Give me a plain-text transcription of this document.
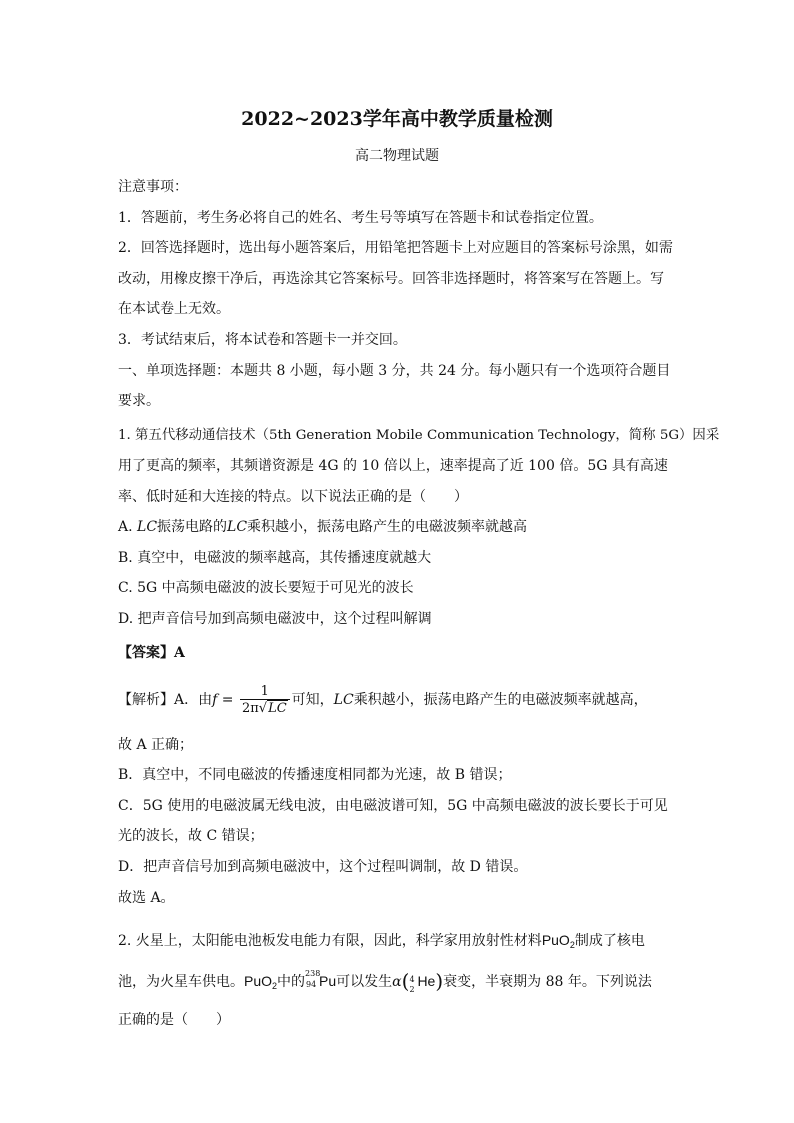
2022~2023学年高中教学质量检测
高二物理试题
注意事项：
1．答题前，考生务必将自己的姓名、考生号等填写在答题卡和试卷指定位置。
2．回答选择题时，选出每小题答案后，用铅笔把答题卡上对应题目的答案标号涂黑，如需
改动，用橡皮擦干净后，再选涂其它答案标号。回答非选择题时，将答案写在答题上。写
在本试卷上无效。
3．考试结束后，将本试卷和答题卡一并交回。
一、单项选择题：本题共 8 小题，每小题 3 分，共 24 分。每小题只有一个选项符合题目
要求。
1. 第五代移动通信技术（5th Generation Mobile Communication Technology，简称 5G）因采
用了更高的频率，其频谱资源是 4G 的 10 倍以上，速率提高了近 100 倍。5G 具有高速
率、低时延和大连接的特点。以下说法正确的是（　　）
A. LC振荡电路的LC乘积越小，振荡电路产生的电磁波频率就越高
B. 真空中，电磁波的频率越高，其传播速度就越大
C. 5G 中高频电磁波的波长要短于可见光的波长
D. 把声音信号加到高频电磁波中，这个过程叫解调
【答案】A
【解析】A．由$f = \frac{1}{2\pi√LC}$ 可知，LC乘积越小，振荡电路产生的电磁波频率就越高，
故 A 正确；
B．真空中，不同电磁波的传播速度相同都为光速，故 B 错误；
C．5G 使用的电磁波属无线电波，由电磁波谱可知，5G 中高频电磁波的波长要长于可见
光的波长，故 C 错误；
D．把声音信号加到高频电磁波中，这个过程叫调制，故 D 错误。
故选 A。
2. 火星上，太阳能电池板发电能力有限，因此，科学家用放射性材料PuO$_2$制成了核电
池，为火星车供电。PuO$_2$中的
238
94 Pu可以发生α( 4
2
He)衰变，半衰期为 88 年。下列说法
正确的是（　　）
